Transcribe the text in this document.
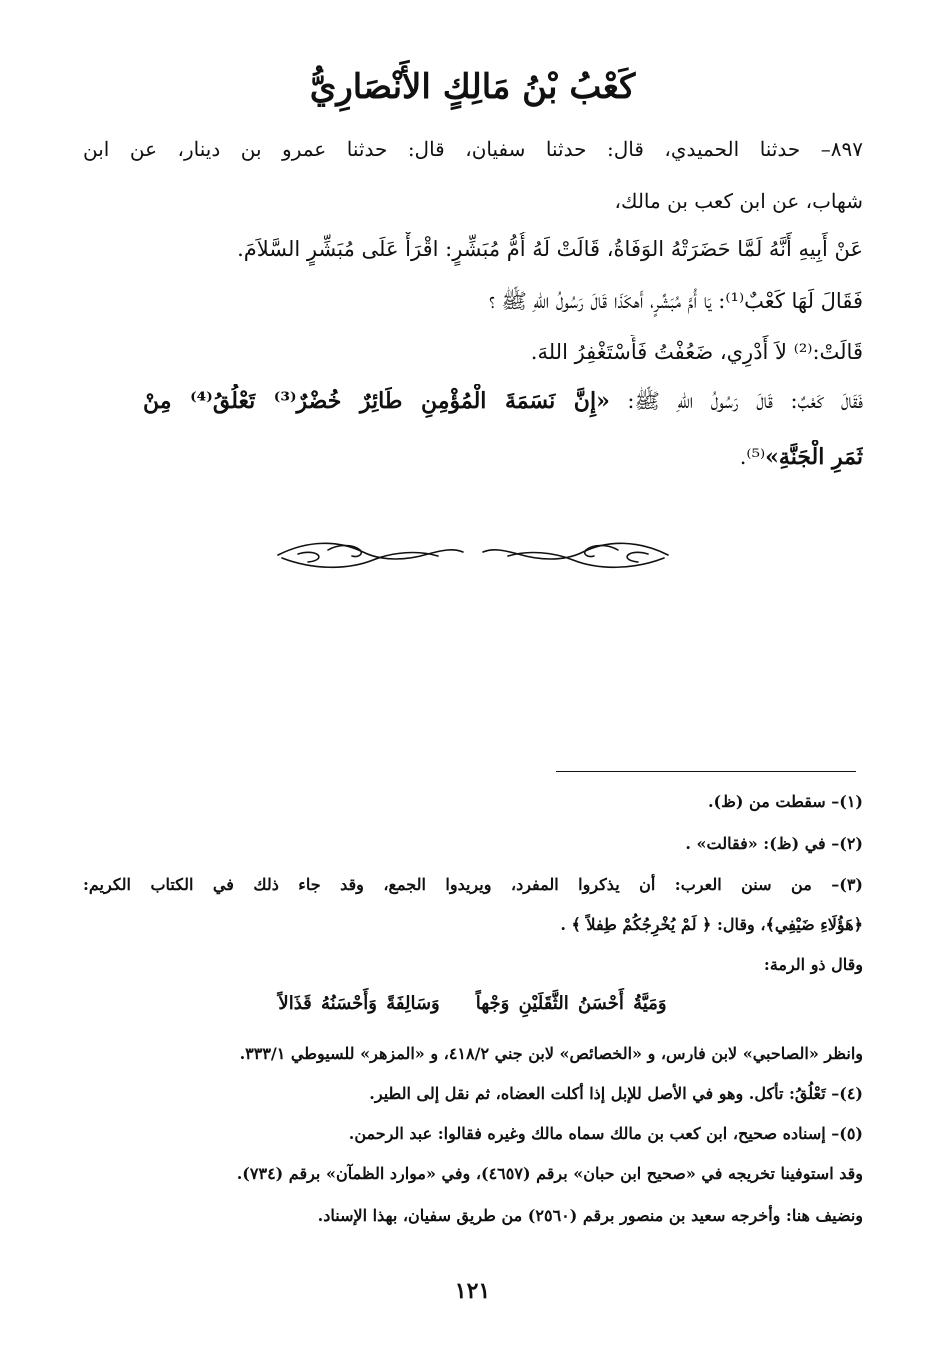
كَعْبُ بْنُ مَالِكٍ الأَنْصَارِيُّ
٨٩٧– حدثنا الحميدي، قال: حدثنا سفيان، قال: حدثنا عمرو بن دينار، عن ابن
شهاب، عن ابن كعب بن مالك،
عَنْ أَبِيهِ أَنَّهُ لَمَّا حَضَرَتْهُ الوَفَاةُ، قَالَتْ لَهُ أُمُّ مُبَشِّرٍ: اقْرَأْ عَلَى مُبَشِّرٍ السَّلاَمَ.
فَقَالَ لَهَا كَعْبٌ⁽¹⁾: يَا أُمَّ مُبَشِّرٍ، أَهكَذَا قَالَ رَسُولُ اللهِ ﷺ ؟
قَالَتْ:⁽²⁾ لاَ أَدْرِي، ضَعُفْتُ فَأَسْتَغْفِرُ اللهَ.
فَقَالَ كَعْبٌ: قَالَ رَسُولُ اللهِ ﷺ: «إِنَّ نَسَمَةَ الْمُؤْمِنِ طَائِرٌ خُضْرٌ⁽³⁾ تَعْلُقُ⁽⁴⁾ مِنْ
ثَمَرِ الْجَنَّةِ»⁽⁵⁾.
(١)– سقطت من (ظ).
(٢)– في (ظ): «فقالت» .
(٣)– من سنن العرب: أن يذكروا المفرد، ويريدوا الجمع، وقد جاء ذلك في الكتاب الكريم:
﴿هَؤُلَاءِ ضَيْفِي﴾، وقال: ﴿ لَمْ يُخْرِجُكُمْ طِفلاً ﴾ .
وقال ذو الرمة:
وَمَيَّةُ أَحْسَنُ الثَّقَلَيْنِ وَجْهاًوَسَالِفَةً وَأَحْسَنُهُ قَذَالاً
وانظر «الصاحبي» لابن فارس، و «الخصائص» لابن جني ٤١٨/٢، و «المزهر» للسيوطي ٣٣٣/١.
(٤)– تَعْلُقُ: تأكل. وهو في الأصل للإبل إذا أكلت العضاه، ثم نقل إلى الطير.
(٥)– إسناده صحيح، ابن كعب بن مالك سماه مالك وغيره فقالوا: عبد الرحمن.
وقد استوفينا تخريجه في «صحيح ابن حبان» برقم (٤٦٥٧)، وفي «موارد الظمآن» برقم (٧٣٤).
ونضيف هنا: وأخرجه سعيد بن منصور برقم (٢٥٦٠) من طريق سفيان، بهذا الإسناد.
١٢١
